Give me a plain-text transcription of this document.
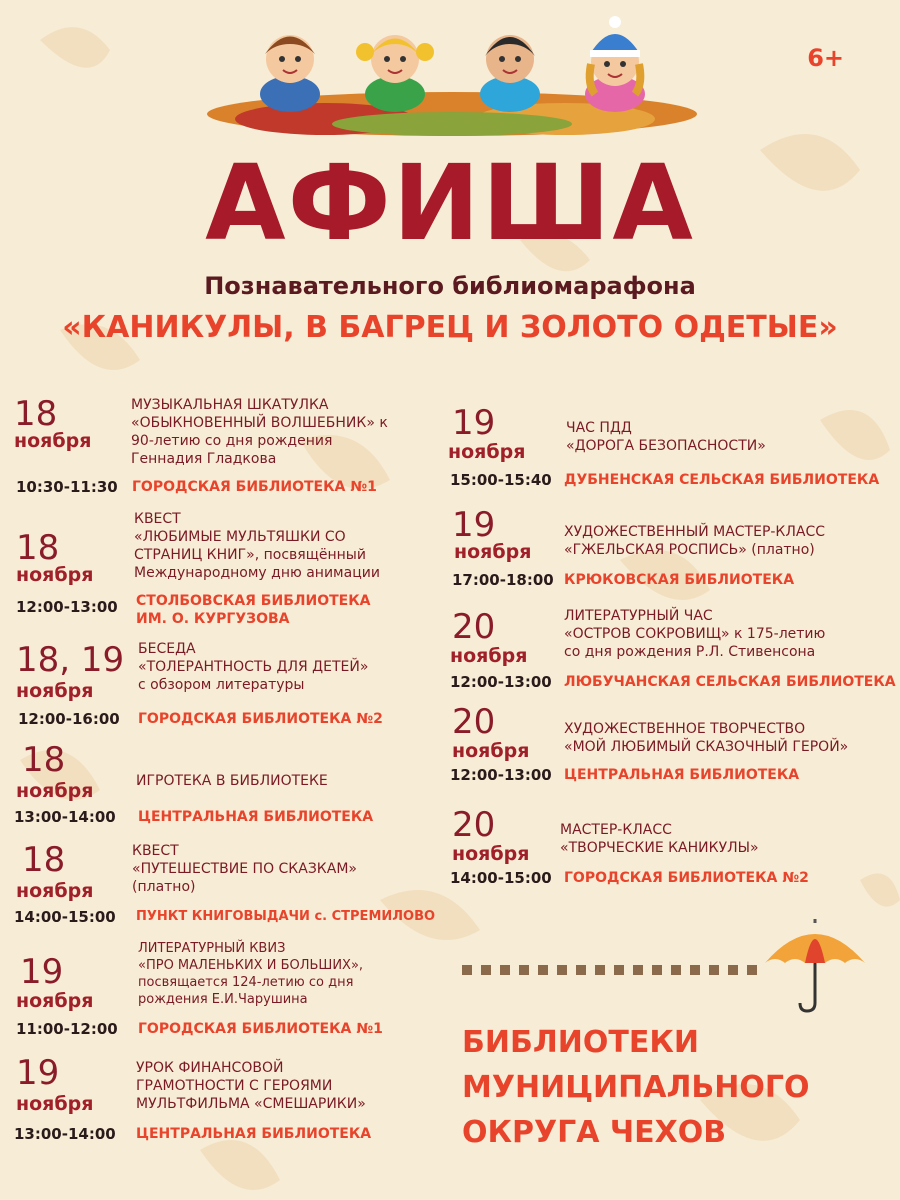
6+
АФИША
Познавательного библиомарафона
«КАНИКУЛЫ, В БАГРЕЦ И ЗОЛОТО ОДЕТЫЕ»
18
ноября
МУЗЫКАЛЬНАЯ ШКАТУЛКА
«ОБЫКНОВЕННЫЙ ВОЛШЕБНИК» к
90-летию со дня рождения
Геннадия Гладкова
10:30-11:30 ГОРОДСКАЯ БИБЛИОТЕКА №1
18
ноября
КВЕСТ
«ЛЮБИМЫЕ МУЛЬТЯШКИ СО
СТРАНИЦ КНИГ», посвящённый
Международному дню анимации
12:00-13:00 СТОЛБОВСКАЯ БИБЛИОТЕКА
ИМ. О. КУРГУЗОВА
18, 19
ноября
БЕСЕДА
«ТОЛЕРАНТНОСТЬ ДЛЯ ДЕТЕЙ»
с обзором литературы
12:00-16:00 ГОРОДСКАЯ БИБЛИОТЕКА №2
18
ноября	ИГРОТЕКА В БИБЛИОТЕКЕ
13:00-14:00 ЦЕНТРАЛЬНАЯ БИБЛИОТЕКА
18
ноября
КВЕСТ
«ПУТЕШЕСТВИЕ ПО СКАЗКАМ»
(платно)
14:00-15:00 ПУНКТ КНИГОВЫДАЧИ с. СТРЕМИЛОВО
19
ноября
ЛИТЕРАТУРНЫЙ КВИЗ
«ПРО МАЛЕНЬКИХ И БОЛЬШИХ»,
посвящается 124-летию со дня
рождения Е.И.Чарушина
11:00-12:00 ГОРОДСКАЯ БИБЛИОТЕКА №1
19
ноября
УРОК ФИНАНСОВОЙ
ГРАМОТНОСТИ С ГЕРОЯМИ
МУЛЬТФИЛЬМА «СМЕШАРИКИ»
13:00-14:00 ЦЕНТРАЛЬНАЯ БИБЛИОТЕКА
19
ноября
ЧАС ПДД
«ДОРОГА БЕЗОПАСНОСТИ»
15:00-15:40 ДУБНЕНСКАЯ СЕЛЬСКАЯ БИБЛИОТЕКА
19
ноября
ХУДОЖЕСТВЕННЫЙ МАСТЕР-КЛАСС
«ГЖЕЛЬСКАЯ РОСПИСЬ» (платно)
17:00-18:00 КРЮКОВСКАЯ БИБЛИОТЕКА
20
ноября
ЛИТЕРАТУРНЫЙ ЧАС
«ОСТРОВ СОКРОВИЩ» к 175-летию
со дня рождения Р.Л. Стивенсона
12:00-13:00 ЛЮБУЧАНСКАЯ СЕЛЬСКАЯ БИБЛИОТЕКА
20
ноября
ХУДОЖЕСТВЕННОЕ ТВОРЧЕСТВО
«МОЙ ЛЮБИМЫЙ СКАЗОЧНЫЙ ГЕРОЙ»
12:00-13:00 ЦЕНТРАЛЬНАЯ БИБЛИОТЕКА
20
ноября
МАСТЕР-КЛАСС
«ТВОРЧЕСКИЕ КАНИКУЛЫ»
14:00-15:00 ГОРОДСКАЯ БИБЛИОТЕКА №2
БИБЛИОТЕКИ
МУНИЦИПАЛЬНОГО
ОКРУГА ЧЕХОВ
